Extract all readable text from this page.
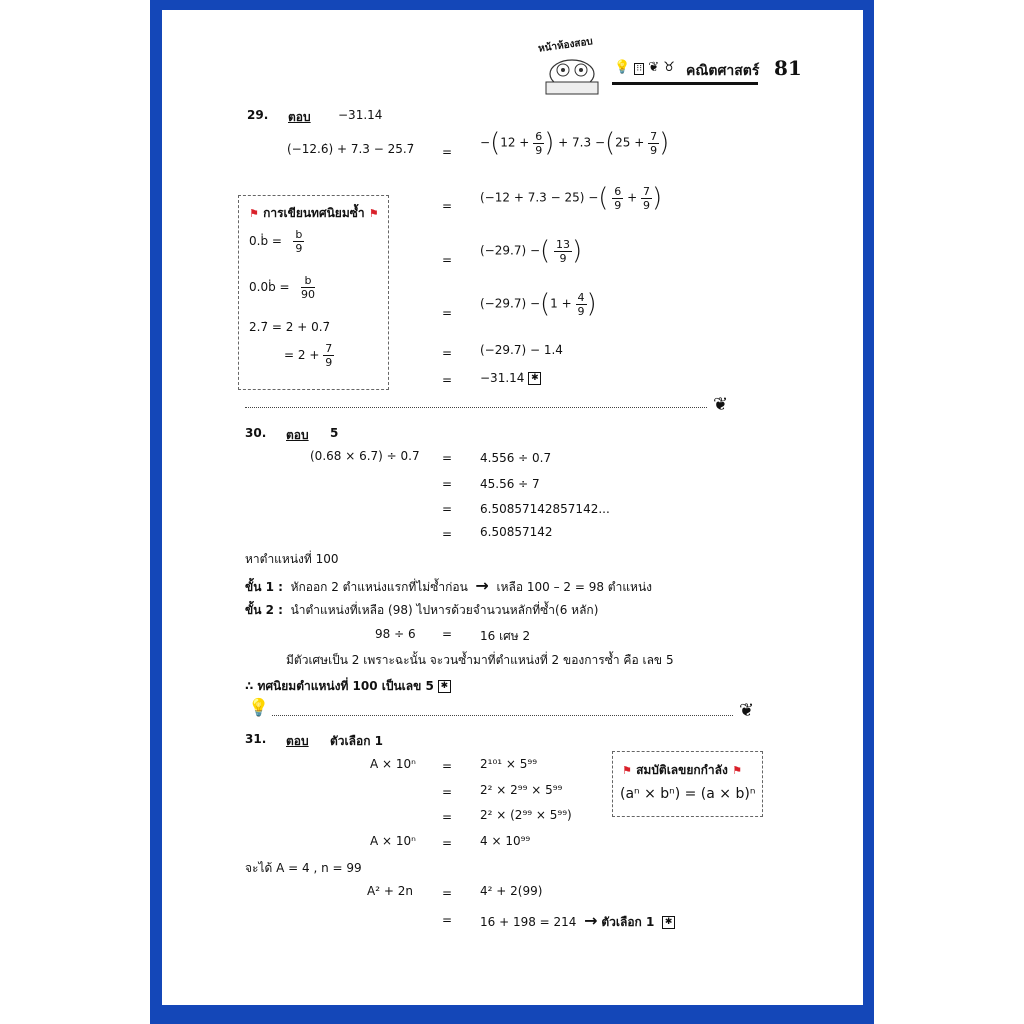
หน้าห้องสอบ
💡 ⁝⁝ ❦ ♉ คณิตศาสตร์ 81
29. ตอบ −31.14̇
(−12.6̇) + 7.3 − 25.7̇ =
$-(12 + \frac{6}{9}$ ) + $7.3 -(25 + \frac{7}{9}$ )
=
(−12 + 7.3 − 25) −( $\frac{6}{9} + \frac{7}{9}$ )
=
(−29.7) −( $\frac{13}{9}$ )
=
$(-29.7) -(1 + \frac{4}{9}$ )
= (−29.7) − 1.4̇
= −31.14̇ ✱
⚑ การเขียนทศนิยมซ้ำ ⚑
0.ḃ = $\frac{b}{9}$
0.0ḃ = $\frac{b}{90}$
2.7̇ = 2 + 0.7̇
= $2 + \frac{7}{9}$
❦
30. ตอบ 5
(0.68 × 6.7) ÷ 0.7 = 4.556 ÷ 0.7
= 45.56 ÷ 7
= 6.50857142857142...
= 6.508̇5714̇2
หาตำแหน่งที่ 100
ขั้น 1 : หักออก 2 ตำแหน่งแรกที่ไม่ซ้ำก่อน → เหลือ 100 – 2 = 98 ตำแหน่ง
ขั้น 2 : นำตำแหน่งที่เหลือ (98) ไปหารด้วยจำนวนหลักที่ซ้ำ(6 หลัก)
98 ÷ 6 = 16 เศษ 2
มีตัวเศษเป็น 2 เพราะฉะนั้น จะวนซ้ำมาที่ตำแหน่งที่ 2 ของการซ้ำ คือ เลข 5
∴ ทศนิยมตำแหน่งที่ 100 เป็นเลข 5 ✱
💡	❦
31. ตอบ ตัวเลือก 1
A × 10ⁿ = 2¹⁰¹ × 5⁹⁹
= 2² × 2⁹⁹ × 5⁹⁹
= 2² × (2⁹⁹ × 5⁹⁹)
A × 10ⁿ = 4 × 10⁹⁹
จะได้ A = 4 , n = 99
A² + 2n = 4² + 2(99)
= 16 + 198 = 214 → ตัวเลือก 1 ✱
⚑ สมบัติเลขยกกำลัง ⚑
(aⁿ × bⁿ) = (a × b)ⁿ
